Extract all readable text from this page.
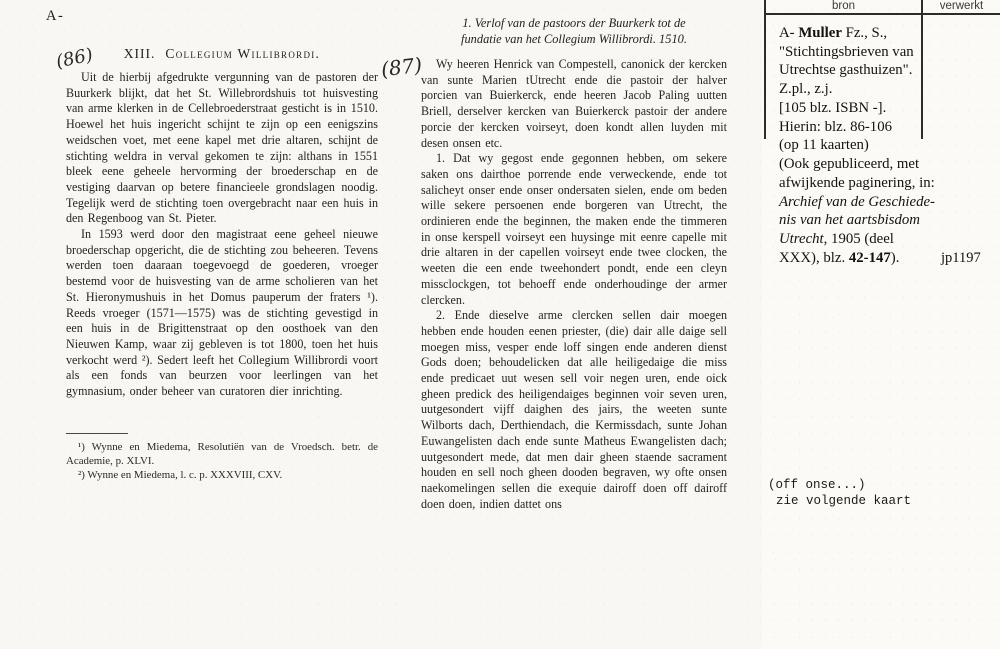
A-
(86)	(87)
XIII. Collegium Willibrordi.

Uit de hierbij afgedrukte vergunning van de pastoren der Buurkerk blijkt, dat het St. Willebrordshuis tot huisvesting van arme klerken in de Cellebroederstraat gesticht is in 1510. Hoewel het huis ingericht schijnt te zijn op een eenigszins weidschen voet, met eene kapel met drie altaren, schijnt de stichting weldra in verval gekomen te zijn: althans in 1551 bleek eene geheele hervorming der broederschap en de vestiging daarvan op betere financieele grondslagen noodig. Tegelijk werd de stichting toen overgebracht naar een huis in den Regenboog van St. Pieter.

In 1593 werd door den magistraat eene geheel nieuwe broederschap opgericht, die de stichting zou beheeren. Tevens werden toen daaraan toegevoegd de goederen, vroeger bestemd voor de huisvesting van de arme scholieren van het St. Hieronymushuis in het Domus pauperum der fraters ¹). Reeds vroeger (1571—1575) was de stichting gevestigd in een huis in de Brigittenstraat op den oosthoek van den Nieuwen Kamp, waar zij gebleven is tot 1800, toen het huis verkocht werd ²). Sedert leeft het Collegium Willibrordi voort als een fonds van beurzen voor leerlingen van het gymnasium, onder beheer van curatoren dier inrichting.

¹) Wynne en Miedema, Resolutiën van de Vroedsch. betr. de Academie, p. XLVI.

²) Wynne en Miedema, l. c. p. XXXVIII, CXV.

1. Verlof van de pastoors der Buurkerk tot de

fundatie van het Collegium Willibrordi. 1510.

Wy heeren Henrick van Compestell, canonick der kercken van sunte Marien tUtrecht ende die pastoir der halver porcien van Buierkerck, ende heeren Jacob Paling uutten Briell, derselver kercken van Buierkerck pastoir der andere porcie der kercken voirseyt, doen kondt allen luyden mit desen onsen etc.

1. Dat wy gegost ende gegonnen hebben, om sekere saken ons dairthoe porrende ende verweckende, ende tot salicheyt onser ende onser ondersaten sielen, ende om beden wille sekere persoenen ende borgeren van Utrecht, the ordinieren ende the beginnen, the maken ende the timmeren in onse kerspell voirseyt een huysinge mit eenre capelle mit drie altaren in der capellen voirseyt ende twee clocken, the weeten die een ende tweehondert pondt, ende een cleyn missclockgen, tot behoeff ende onderhoudinge der armer clercken.

2. Ende dieselve arme clercken sellen dair moegen hebben ende houden eenen priester, (die) dair alle daige sell moegen miss, vesper ende loff singen ende anderen dienst Gods doen; behoudelicken dat alle heiligedaige die miss ende predicaet uut wesen sell voir negen uren, ende oick gheen predick des heiligendaiges beginnen voir seven uren, uutgesondert vijff daighen des jairs, the weeten sunte Wilborts dach, Derthiendach, die Kermissdach, sunte Johan Euwangelisten dach ende sunte Matheus Ewangelisten dach; uutgesondert mede, dat men dair gheen staende sacrament houden en sell noch gheen dooden begraven, wy ofte onsen naekomelingen sellen die exequie dairoff doen off dairoff doen doen, indien dattet ons

bron	verwerkt
A- Muller Fz., S.,
"Stichtingsbrieven van
Utrechtse gasthuizen".
Z.pl., z.j.
[105 blz. ISBN -].
Hierin: blz. 86-106
(op 11 kaarten)
(Ook gepubliceerd, met
afwijkende paginering, in:
Archief van de Geschiede-
nis van het aartsbisdom
Utrecht, 1905 (deel
XXX), blz. 42-147).	jp1197
(off onse...)
zie volgende kaart
